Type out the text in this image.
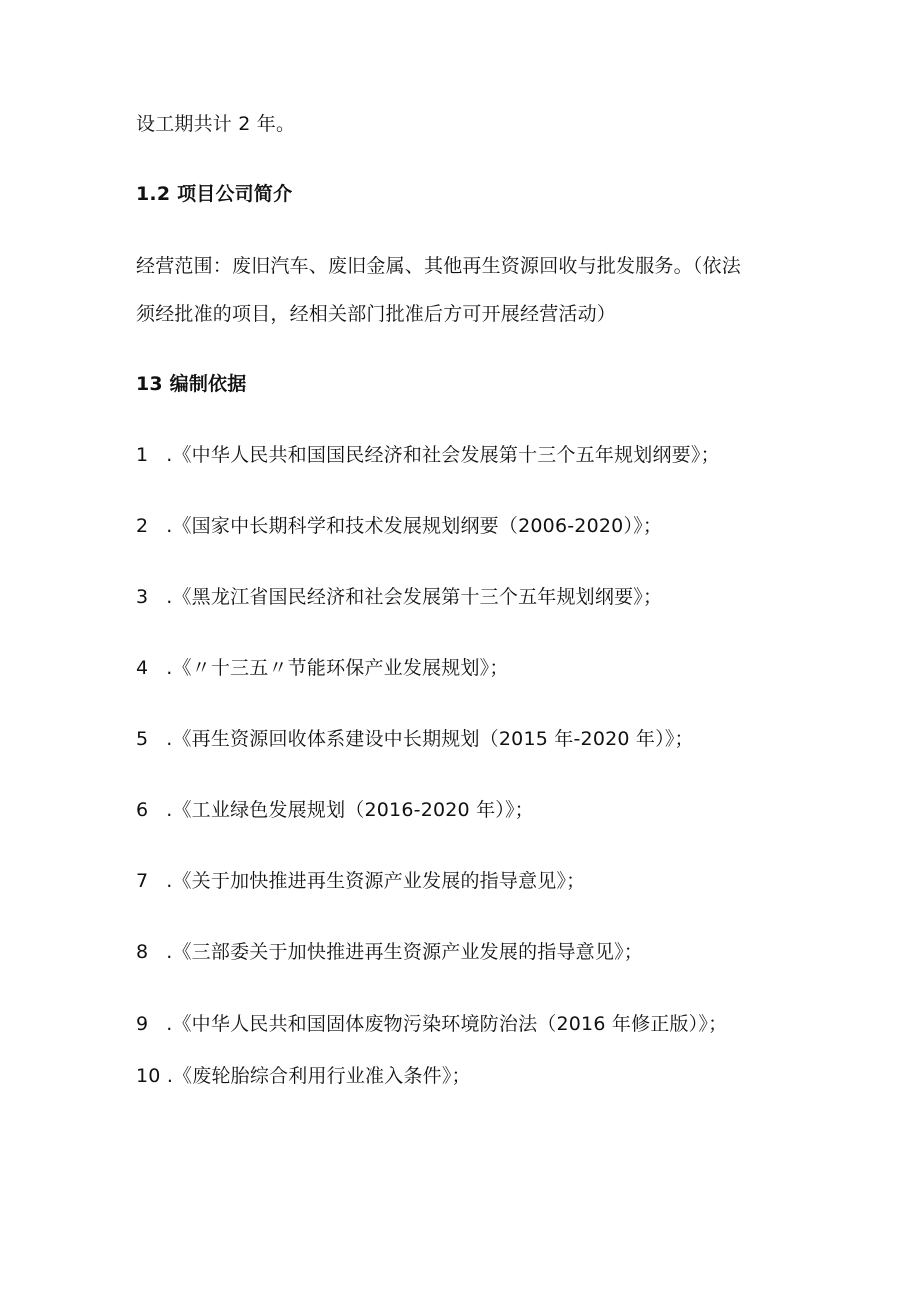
设工期共计 2 年。
1.2 项目公司简介
经营范围：废旧汽车、废旧金属、其他再生资源回收与批发服务。（依法
须经批准的项目，经相关部门批准后方可开展经营活动）
13 编制依据
1 .《中华人民共和国国民经济和社会发展第十三个五年规划纲要》；
2 .《国家中长期科学和技术发展规划纲要（2006-2020）》；
3 .《黑龙江省国民经济和社会发展第十三个五年规划纲要》；
4 .《〃十三五〃节能环保产业发展规划》；
5 .《再生资源回收体系建设中长期规划（2015 年-2020 年）》；
6 .《工业绿色发展规划（2016-2020 年）》；
7 .《关于加快推进再生资源产业发展的指导意见》；
8 .《三部委关于加快推进再生资源产业发展的指导意见》；
9 .《中华人民共和国固体废物污染环境防治法（2016 年修正版）》；
10 .《废轮胎综合利用行业准入条件》；
